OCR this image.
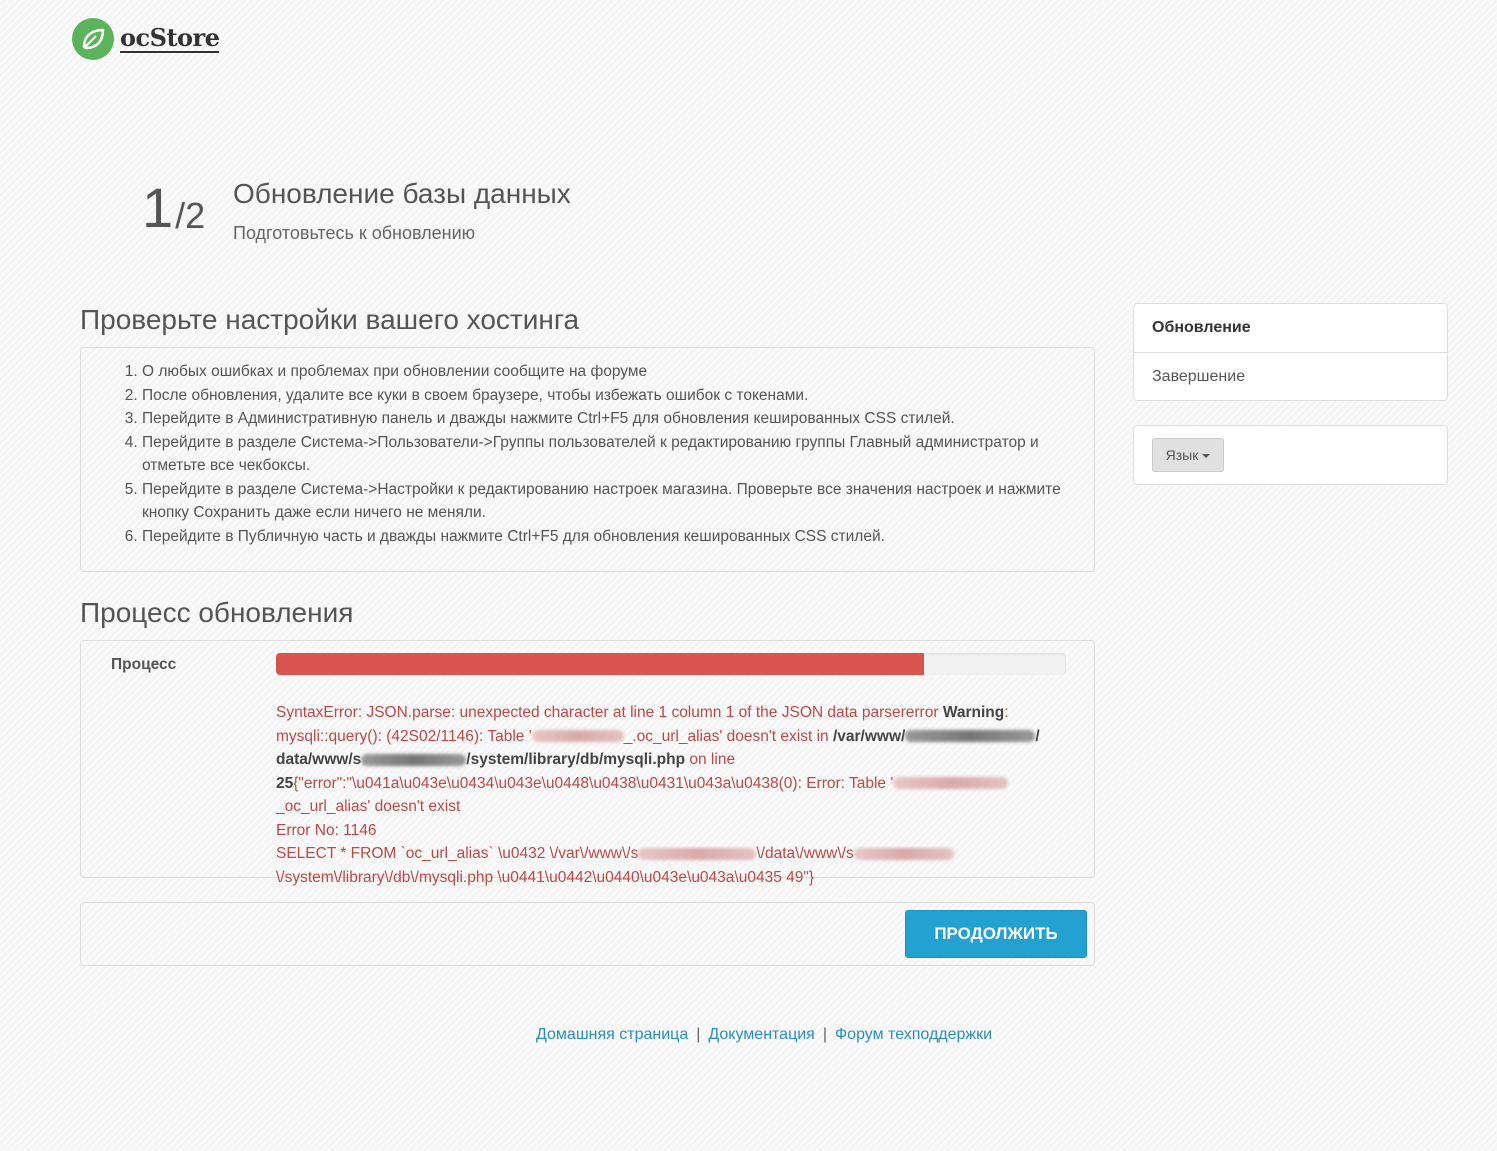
ocStore
1 /2
Обновление базы данных
Подготовьтесь к обновлению
Проверьте настройки вашего хостинга
1. О любых ошибках и проблемах при обновлении сообщите на форуме
2. После обновления, удалите все куки в своем браузере, чтобы избежать ошибок с токенами.
3. Перейдите в Административную панель и дважды нажмите Ctrl+F5 для обновления кешированных CSS стилей.
4. Перейдите в разделе Система->Пользователи->Группы пользователей к редактированию группы Главный администратор и отметьте все чекбоксы.
5. Перейдите в разделе Система->Настройки к редактированию настроек магазина. Проверьте все значения настроек и нажмите кнопку Сохранить даже если ничего не меняли.
6. Перейдите в Публичную часть и дважды нажмите Ctrl+F5 для обновления кешированных CSS стилей.
Процесс обновления
Процесс
SyntaxError: JSON.parse: unexpected character at line 1 column 1 of the JSON data parsererror Warning: mysqli::query(): (42S02/1146): Table '	_.oc_url_alias' doesn't exist in /var/www/	/
data/www/s	/system/library/db/mysqli.php on line 25{"error":"\u041a\u043e\u0434\u043e\u0448\u0438\u0431\u043a\u0438(0): Error: Table '_oc_url_alias' doesn't exist
Error No: 1146
SELECT * FROM `oc_url_alias` \u0432 \/var\/www\/s	\/data\/www\/s\/system\/library\/db\/mysqli.php \u0441\u0442\u0440\u043e\u043a\u0435 49"}
ПРОДОЛЖИТЬ
Обновление
Завершение
Язык
Домашняя страница | Документация | Форум техподдержки
